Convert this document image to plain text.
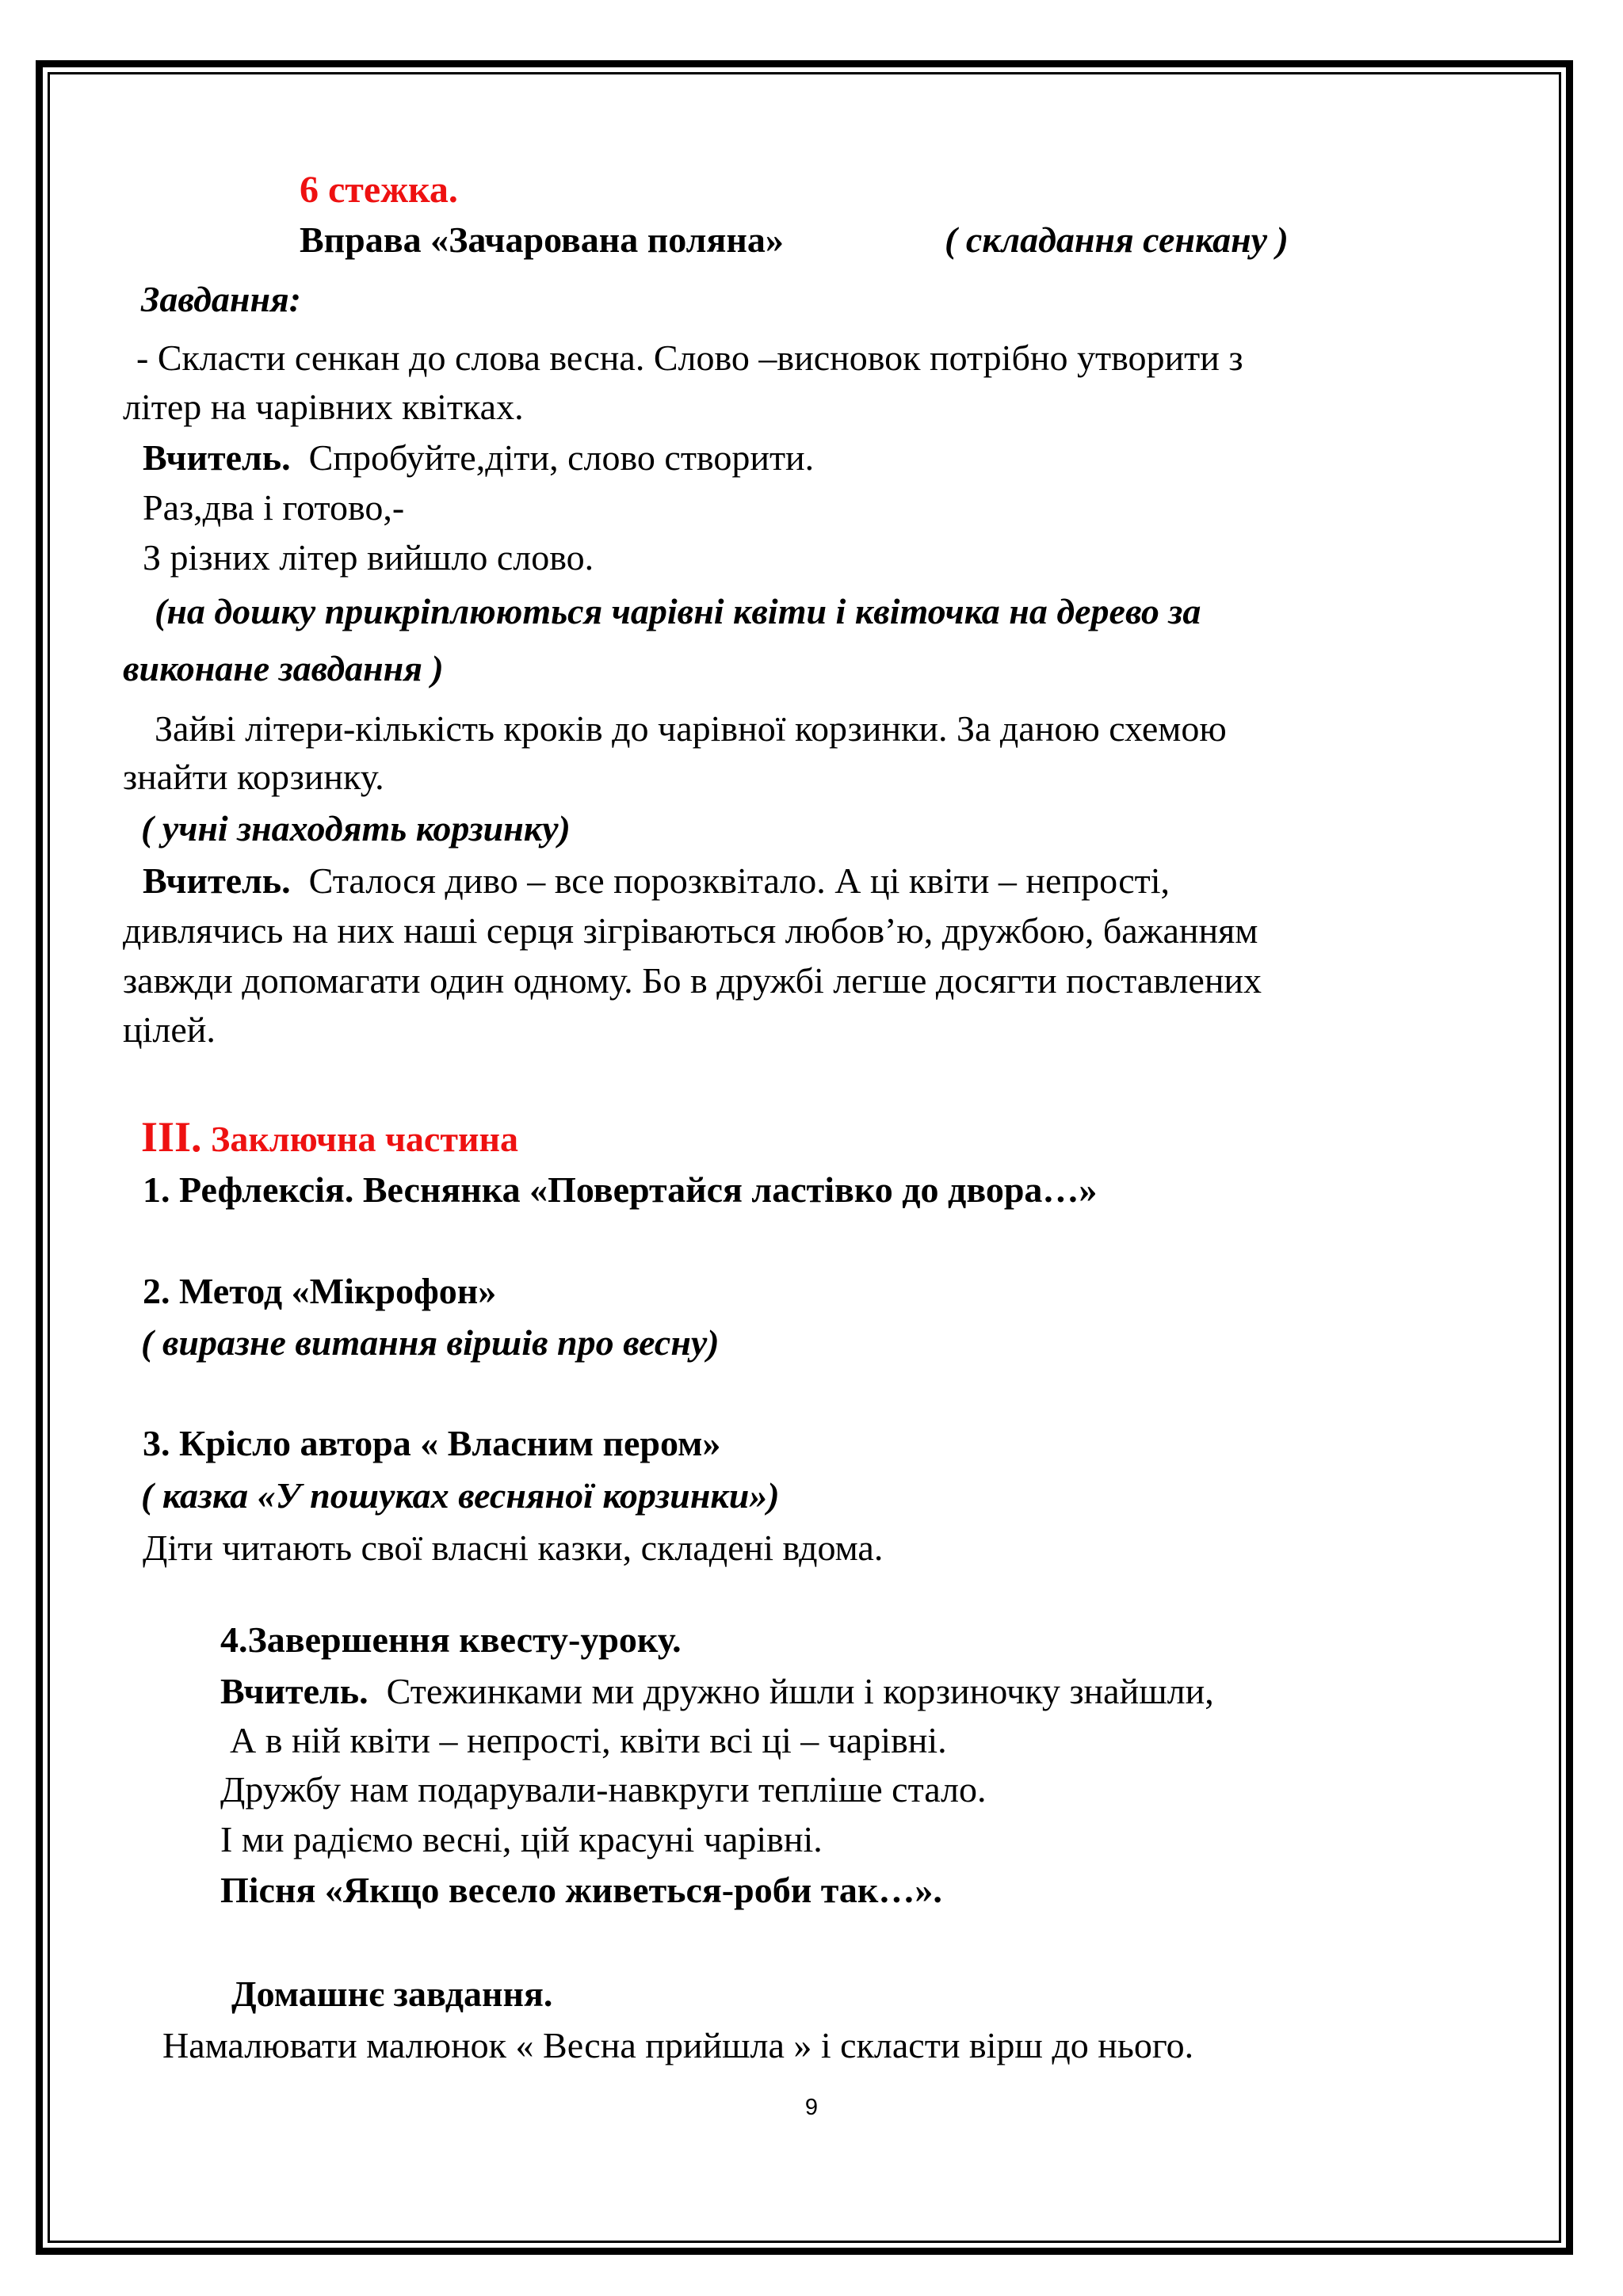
6 стежка.
Вправа «Зачарована поляна»	( складання сенкану )
Завдання:
- Скласти сенкан до слова весна. Слово –висновок потрібно утворити з
літер на чарівних квітках.
Вчитель. Спробуйте,діти, слово створити.
Раз,два і готово,-
З різних літер вийшло слово.
(на дошку прикріплюються чарівні квіти і квіточка на дерево за
виконане завдання )
Зайві літери-кількість кроків до чарівної корзинки. За даною схемою
знайти корзинку.
( учні знаходять корзинку)
Вчитель. Сталося диво – все порозквітало. А ці квіти – непрості,
дивлячись на них наші серця зігріваються любов’ю, дружбою, бажанням
завжди допомагати один одному. Бо в дружбі легше досягти поставлених
цілей.
ІІІ. Заключна частина
1. Рефлексія. Веснянка «Повертайся ластівко до двора…»
2. Метод «Мікрофон»
( виразне витання віршів про весну)
3. Крісло автора « Власним пером»
( казка «У пошуках весняної корзинки»)
Діти читають свої власні казки, складені вдома.
4.Завершення квесту-уроку.
Вчитель. Стежинками ми дружно йшли і корзиночку знайшли,
А в ній квіти – непрості, квіти всі ці – чарівні.
Дружбу нам подарували-навкруги тепліше стало.
І ми радіємо весні, цій красуні чарівні.
Пісня «Якщо весело живеться-роби так…».
Домашнє завдання.
Намалювати малюнок « Весна прийшла » і скласти вірш до нього.
9
